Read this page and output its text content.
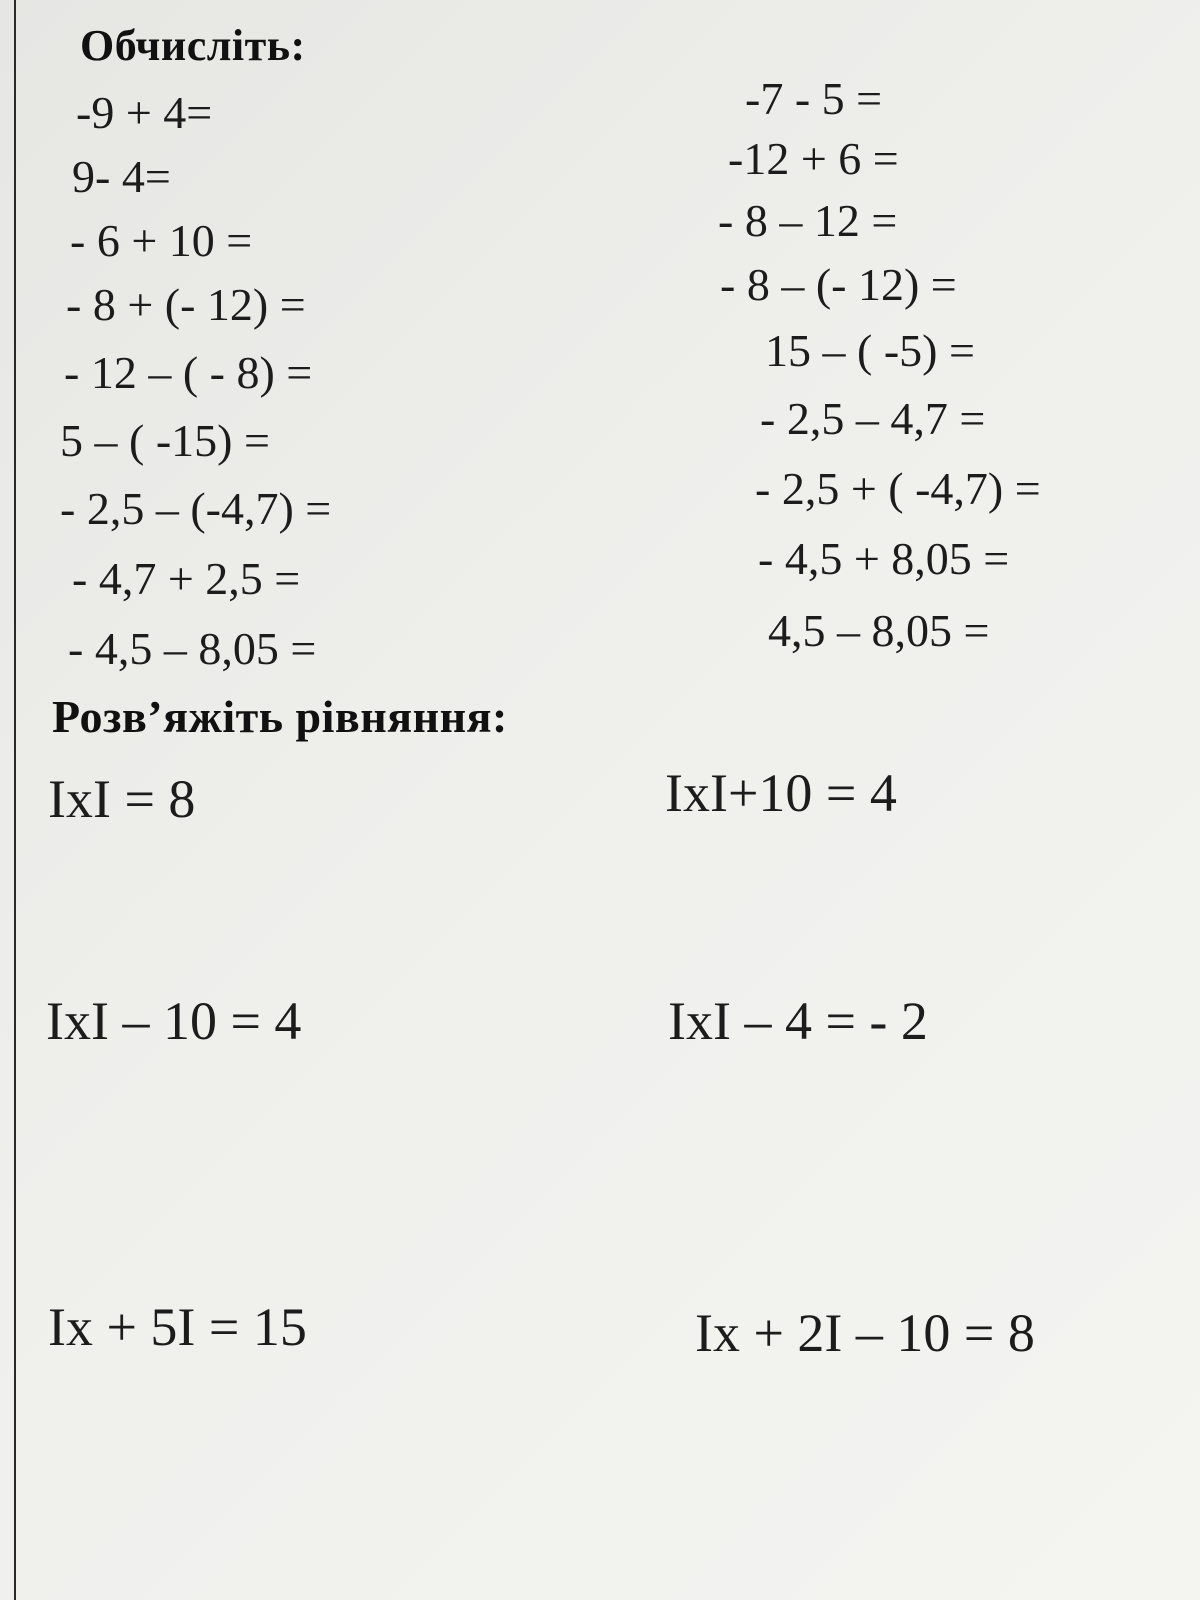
Обчисліть:
-9 + 4=
9- 4=
- 6 + 10 =
- 8 + (- 12) =
- 12 – ( - 8) =
5 – ( -15) =
- 2,5 – (-4,7) =
- 4,7 + 2,5 =
- 4,5 – 8,05 =
-7 - 5 =
-12 + 6 =
- 8 – 12 =
- 8 – (- 12) =
15 – ( -5) =
- 2,5 – 4,7 =
- 2,5 + ( -4,7) =
- 4,5 + 8,05 =
4,5 – 8,05 =
Розв’яжіть рівняння:
IxI = 8	IxI+10 = 4
IxI – 10 = 4	IxI – 4 = - 2
Ix + 5I = 15	Ix + 2I – 10 = 8
